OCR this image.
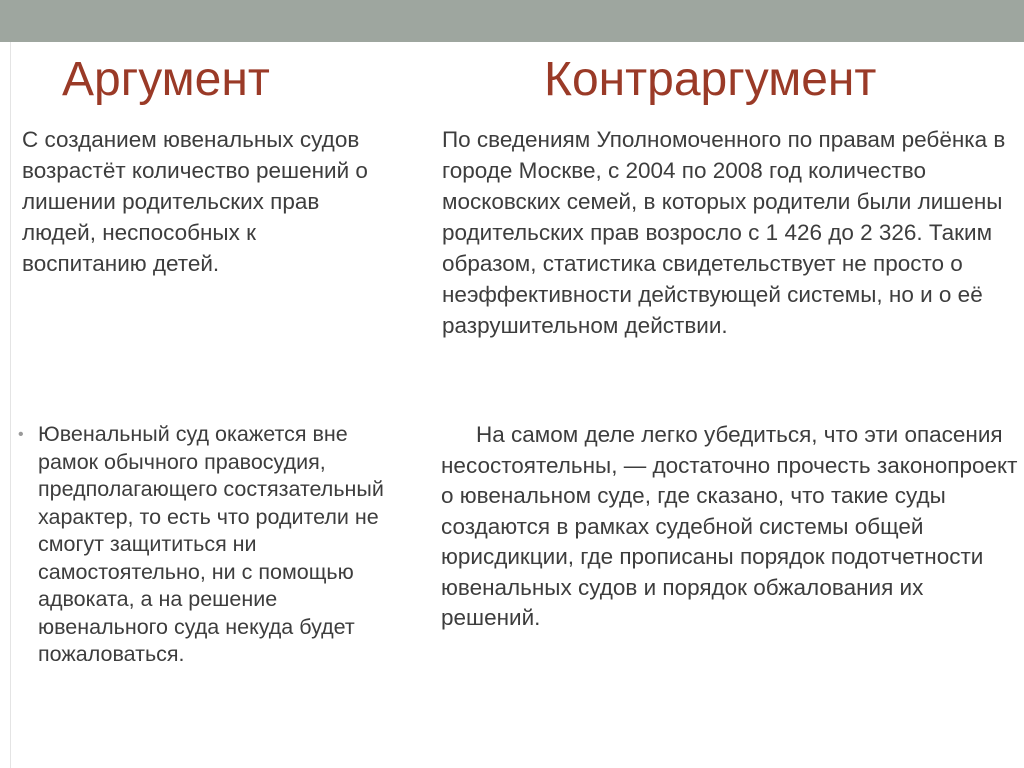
Аргумент	Контраргумент

С созданием ювенальных судов возрастёт количество решений о лишении родительских прав людей, неспособных к воспитанию детей.

• Ювенальный суд окажется вне рамок обычного правосудия, предполагающего состязательный характер, то есть что родители не смогут защититься ни самостоятельно, ни с помощью адвоката, а на решение ювенального суда некуда будет пожаловаться.

По сведениям Уполномоченного по правам ребёнка в городе Москве, с 2004 по 2008 год количество московских семей, в которых родители были лишены родительских прав возросло с 1 426 до 2 326. Таким образом, статистика свидетельствует не просто о неэффективности действующей системы, но и о её разрушительном действии.

На самом деле легко убедиться, что эти опасения несостоятельны, — достаточно прочесть законопроект о ювенальном суде, где сказано, что такие суды создаются в рамках судебной системы общей юрисдикции, где прописаны порядок подотчетности ювенальных судов и порядок обжалования их решений.
